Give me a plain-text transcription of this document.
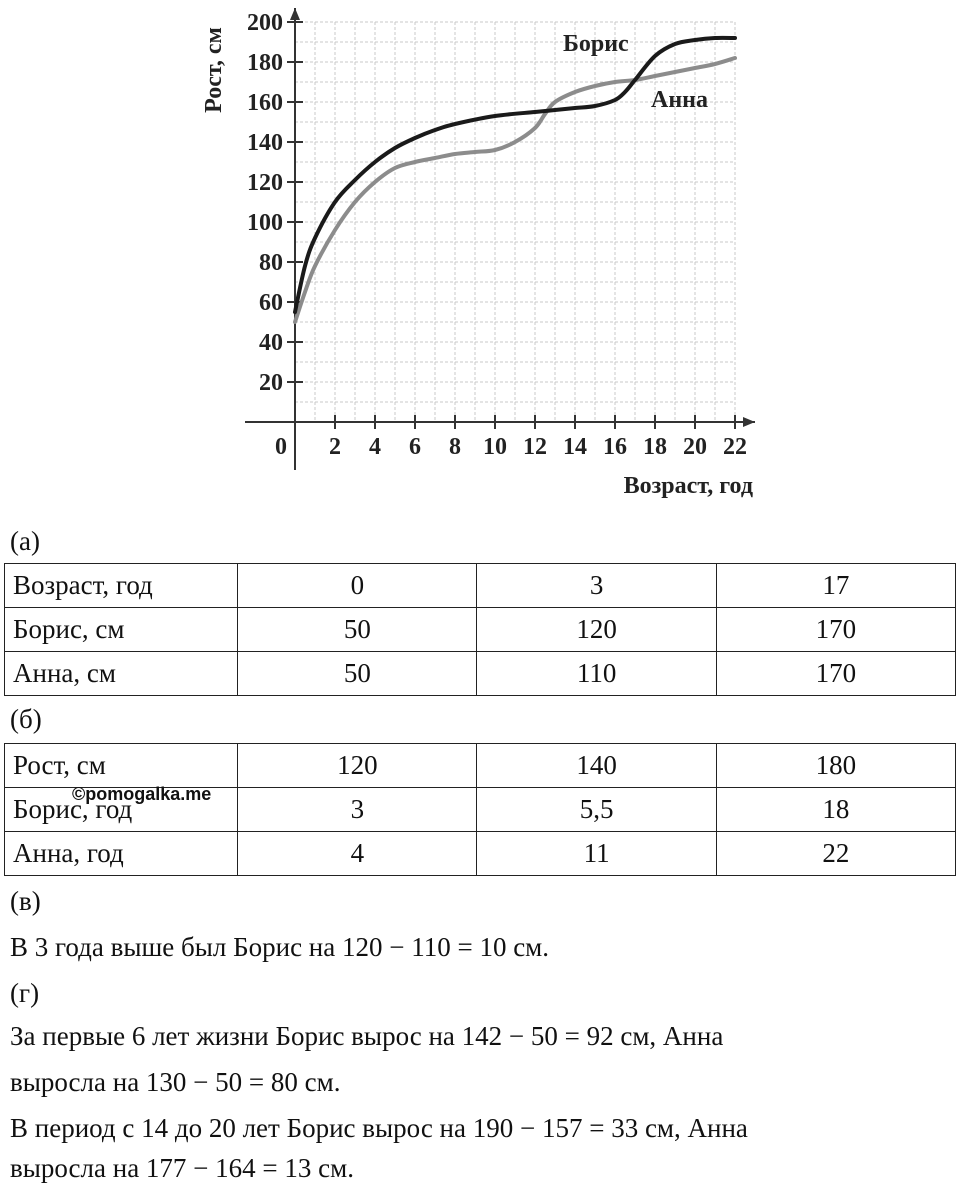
0 2 4 6 8 10 12 14 16 18 20 22
20
40
60
80
100
120
140
160
180
200
Рост, см
Возраст, год
Борис
Анна
(а)
Возраст, год	0	3	17
Борис, см	50	120	170
Анна, см	50	110	170
(б)
Рост, см	120	140	180
Борис, год	3	5,5	18
Анна, год	4	11	22
©pomogalka.me
(в)
В 3 года выше был Борис на 120 − 110 = 10 см.
(г)
За первые 6 лет жизни Борис вырос на 142 − 50 = 92 см, Анна
выросла на 130 − 50 = 80 см.
В период с 14 до 20 лет Борис вырос на 190 − 157 = 33 см, Анна
выросла на 177 − 164 = 13 см.
